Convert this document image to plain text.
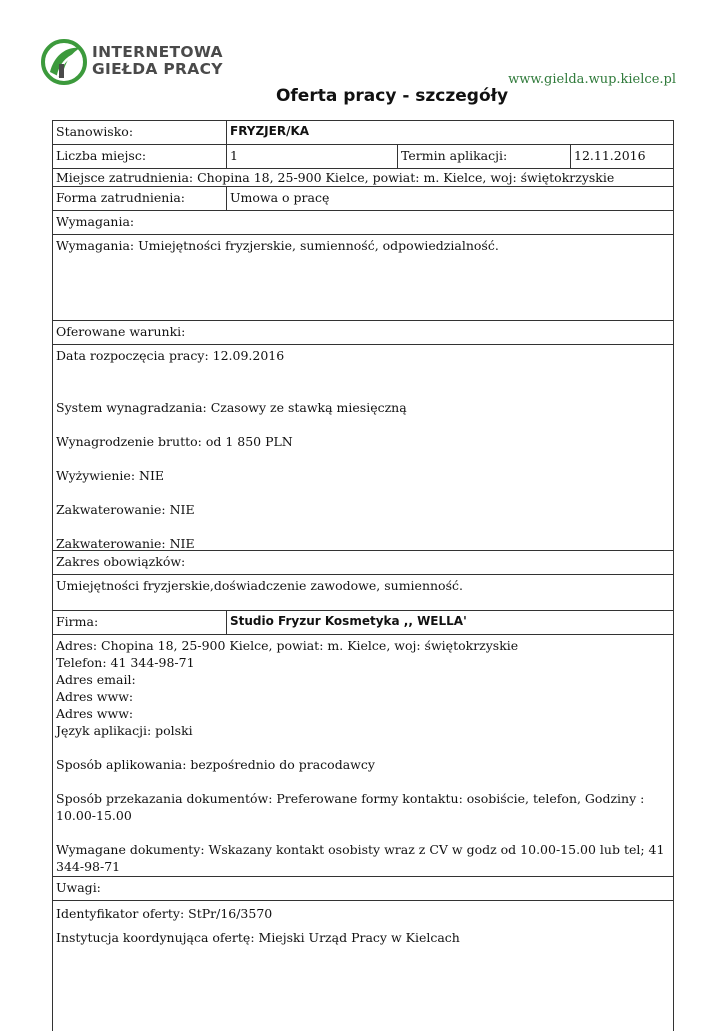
INTERNETOWA
GIEŁDA PRACY
www.gielda.wup.kielce.pl
Oferta pracy - szczegóły
Stanowisko:	FRYZJER/KA
Liczba miejsc:	1	Termin aplikacji:	12.11.2016
Miejsce zatrudnienia: Chopina 18, 25-900 Kielce, powiat: m. Kielce, woj: świętokrzyskie
Forma zatrudnienia:	Umowa o pracę
Wymagania:
Wymagania: Umiejętności fryzjerskie, sumienność, odpowiedzialność.
Oferowane warunki:
Data rozpoczęcia pracy: 12.09.2016
System wynagradzania: Czasowy ze stawką miesięczną
Wynagrodzenie brutto: od 1 850 PLN
Wyżywienie: NIE
Zakwaterowanie: NIE
Zakwaterowanie: NIE
Zakres obowiązków:
Umiejętności fryzjerskie,doświadczenie zawodowe, sumienność.
Firma:	Studio Fryzur Kosmetyka ,, WELLA'
Adres: Chopina 18, 25-900 Kielce, powiat: m. Kielce, woj: świętokrzyskie
Telefon: 41 344-98-71
Adres email:
Adres www:
Adres www:
Język aplikacji: polski
Sposób aplikowania: bezpośrednio do pracodawcy
Sposób przekazania dokumentów: Preferowane formy kontaktu: osobiście, telefon, Godziny : 10.00-15.00
Wymagane dokumenty: Wskazany kontakt osobisty wraz z CV w godz od 10.00-15.00 lub tel; 41 344-98-71
Uwagi:
Identyfikator oferty: StPr/16/3570
Instytucja koordynująca ofertę: Miejski Urząd Pracy w Kielcach
